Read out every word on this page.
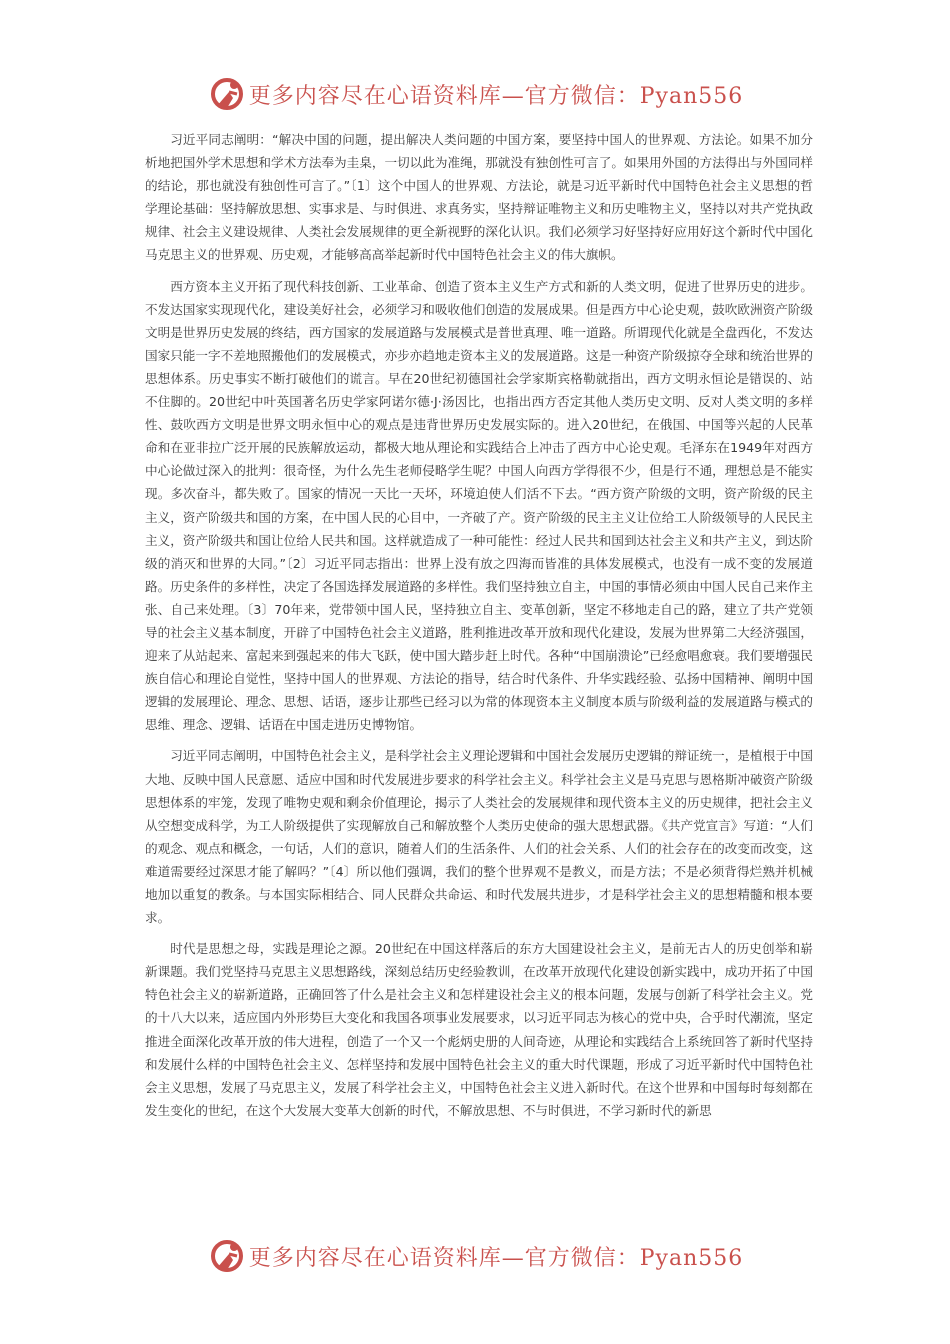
更多内容尽在心语资料库—官方微信：Pyan556

习近平同志阐明：“解决中国的问题，提出解决人类问题的中国方案，要坚持中国人的世界观、方法论。如果不加分析地把国外学术思想和学术方法奉为圭臬，一切以此为准绳，那就没有独创性可言了。如果用外国的方法得出与外国同样的结论，那也就没有独创性可言了。”〔1〕这个中国人的世界观、方法论，就是习近平新时代中国特色社会主义思想的哲学理论基础：坚持解放思想、实事求是、与时俱进、求真务实，坚持辩证唯物主义和历史唯物主义，坚持以对共产党执政规律、社会主义建设规律、人类社会发展规律的更全新视野的深化认识。我们必须学习好坚持好应用好这个新时代中国化马克思主义的世界观、历史观，才能够高高举起新时代中国特色社会主义的伟大旗帜。

西方资本主义开拓了现代科技创新、工业革命、创造了资本主义生产方式和新的人类文明，促进了世界历史的进步。不发达国家实现现代化，建设美好社会，必须学习和吸收他们创造的发展成果。但是西方中心论史观，鼓吹欧洲资产阶级文明是世界历史发展的终结，西方国家的发展道路与发展模式是普世真理、唯一道路。所谓现代化就是全盘西化，不发达国家只能一字不差地照搬他们的发展模式，亦步亦趋地走资本主义的发展道路。这是一种资产阶级掠夺全球和统治世界的思想体系。历史事实不断打破他们的谎言。早在20世纪初德国社会学家斯宾格勒就指出，西方文明永恒论是错误的、站不住脚的。20世纪中叶英国著名历史学家阿诺尔德·J·汤因比，也指出西方否定其他人类历史文明、反对人类文明的多样性、鼓吹西方文明是世界文明永恒中心的观点是违背世界历史发展实际的。进入20世纪，在俄国、中国等兴起的人民革命和在亚非拉广泛开展的民族解放运动，都极大地从理论和实践结合上冲击了西方中心论史观。毛泽东在1949年对西方中心论做过深入的批判：很奇怪，为什么先生老师侵略学生呢？中国人向西方学得很不少，但是行不通，理想总是不能实现。多次奋斗，都失败了。国家的情况一天比一天坏，环境迫使人们活不下去。“西方资产阶级的文明，资产阶级的民主主义，资产阶级共和国的方案，在中国人民的心目中，一齐破了产。资产阶级的民主主义让位给工人阶级领导的人民民主主义，资产阶级共和国让位给人民共和国。这样就造成了一种可能性：经过人民共和国到达社会主义和共产主义，到达阶级的消灭和世界的大同。”〔2〕习近平同志指出：世界上没有放之四海而皆准的具体发展模式，也没有一成不变的发展道路。历史条件的多样性，决定了各国选择发展道路的多样性。我们坚持独立自主，中国的事情必须由中国人民自己来作主张、自己来处理。〔3〕70年来，党带领中国人民，坚持独立自主、变革创新，坚定不移地走自己的路，建立了共产党领导的社会主义基本制度，开辟了中国特色社会主义道路，胜利推进改革开放和现代化建设，发展为世界第二大经济强国，迎来了从站起来、富起来到强起来的伟大飞跃，使中国大踏步赶上时代。各种“中国崩溃论”已经愈唱愈衰。我们要增强民族自信心和理论自觉性，坚持中国人的世界观、方法论的指导，结合时代条件、升华实践经验、弘扬中国精神、阐明中国逻辑的发展理论、理念、思想、话语，逐步让那些已经习以为常的体现资本主义制度本质与阶级利益的发展道路与模式的思维、理念、逻辑、话语在中国走进历史博物馆。

习近平同志阐明，中国特色社会主义，是科学社会主义理论逻辑和中国社会发展历史逻辑的辩证统一，是植根于中国大地、反映中国人民意愿、适应中国和时代发展进步要求的科学社会主义。科学社会主义是马克思与恩格斯冲破资产阶级思想体系的牢笼，发现了唯物史观和剩余价值理论，揭示了人类社会的发展规律和现代资本主义的历史规律，把社会主义从空想变成科学，为工人阶级提供了实现解放自己和解放整个人类历史使命的强大思想武器。《共产党宣言》写道：“人们的观念、观点和概念，一句话，人们的意识，随着人们的生活条件、人们的社会关系、人们的社会存在的改变而改变，这难道需要经过深思才能了解吗？”〔4〕所以他们强调，我们的整个世界观不是教义，而是方法；不是必须背得烂熟并机械地加以重复的教条。与本国实际相结合、同人民群众共命运、和时代发展共进步，才是科学社会主义的思想精髓和根本要求。

时代是思想之母，实践是理论之源。20世纪在中国这样落后的东方大国建设社会主义，是前无古人的历史创举和崭新课题。我们党坚持马克思主义思想路线，深刻总结历史经验教训，在改革开放现代化建设创新实践中，成功开拓了中国特色社会主义的崭新道路，正确回答了什么是社会主义和怎样建设社会主义的根本问题，发展与创新了科学社会主义。党的十八大以来，适应国内外形势巨大变化和我国各项事业发展要求，以习近平同志为核心的党中央，合乎时代潮流，坚定推进全面深化改革开放的伟大进程，创造了一个又一个彪炳史册的人间奇迹，从理论和实践结合上系统回答了新时代坚持和发展什么样的中国特色社会主义、怎样坚持和发展中国特色社会主义的重大时代课题，形成了习近平新时代中国特色社会主义思想，发展了马克思主义，发展了科学社会主义，中国特色社会主义进入新时代。在这个世界和中国每时每刻都在发生变化的世纪，在这个大发展大变革大创新的时代，不解放思想、不与时俱进，不学习新时代的新思

更多内容尽在心语资料库—官方微信：Pyan556
